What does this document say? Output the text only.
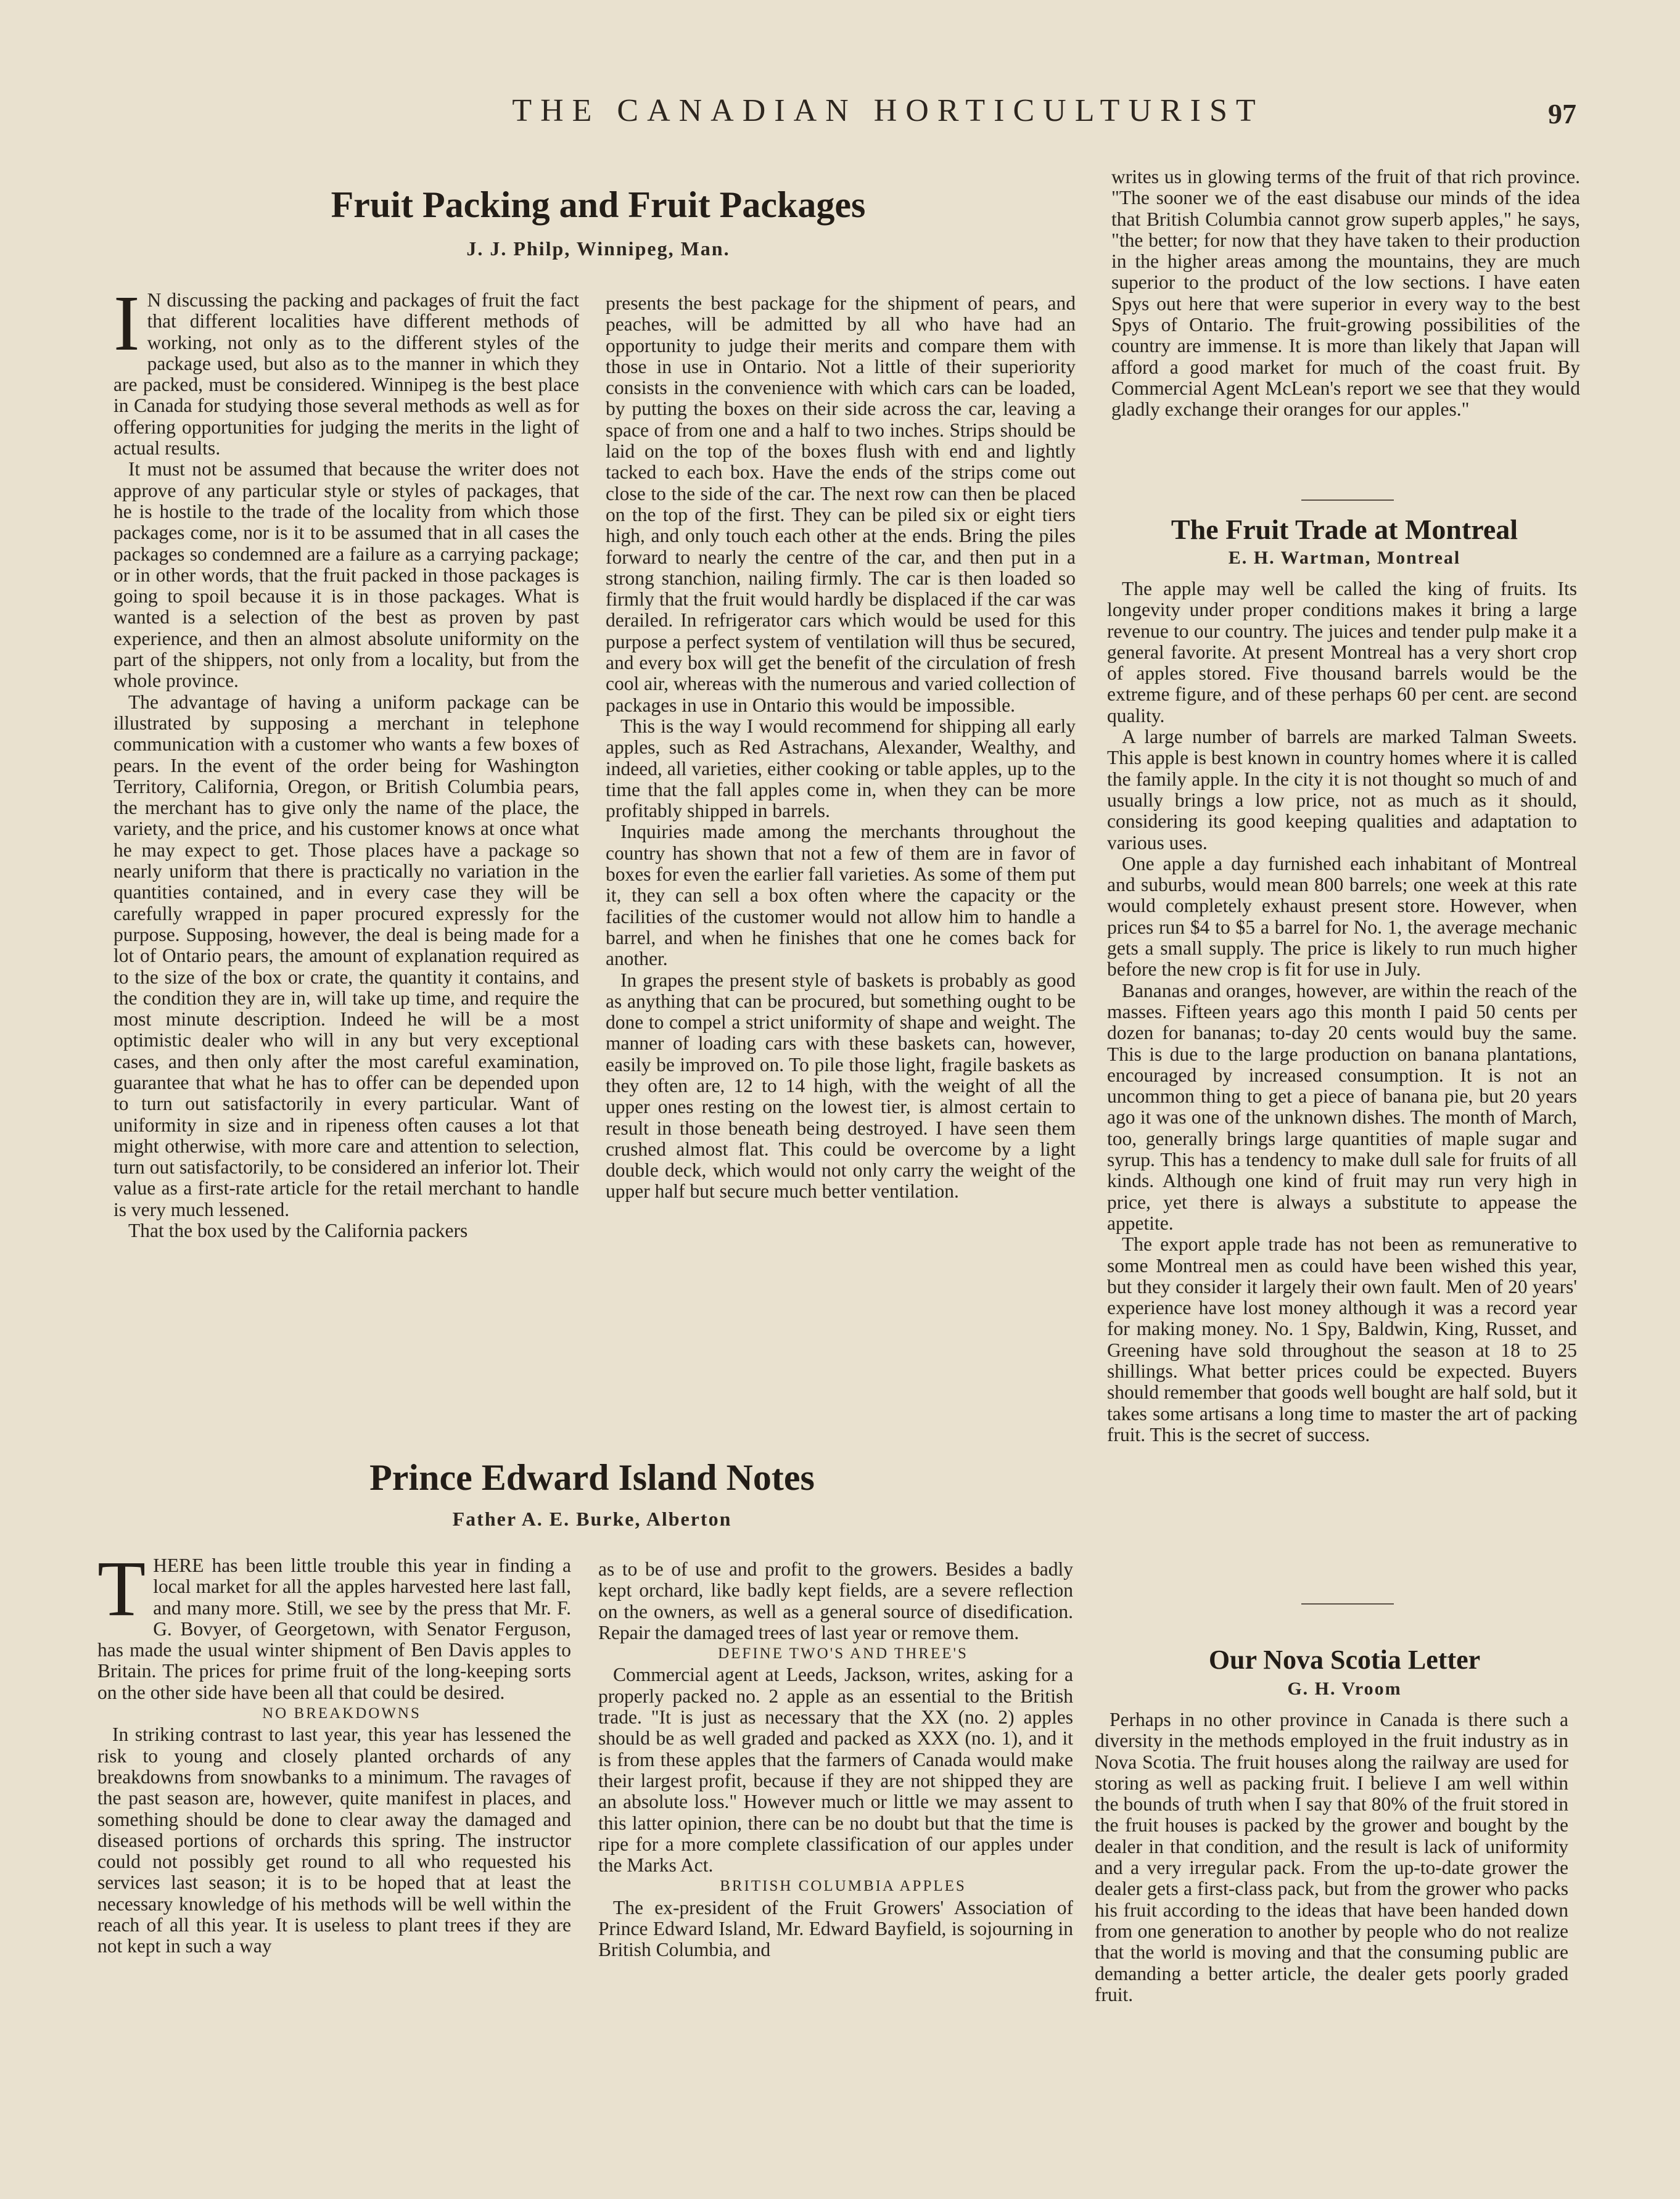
THE CANADIAN HORTICULTURIST	97
Fruit Packing and Fruit Packages
J. J. Philp, Winnipeg, Man.

I N discussing the packing and packages of fruit the fact that different localities have different methods of working, not only as to the different styles of the package used, but also as to the manner in which they are packed, must be considered. Winnipeg is the best place in Canada for studying those several methods as well as for offering opportunities for judging the merits in the light of actual results.

It must not be assumed that because the writer does not approve of any particular style or styles of packages, that he is hostile to the trade of the locality from which those packages come, nor is it to be assumed that in all cases the packages so condemned are a failure as a carrying package; or in other words, that the fruit packed in those packages is going to spoil because it is in those packages. What is wanted is a selection of the best as proven by past experience, and then an almost absolute uniformity on the part of the shippers, not only from a locality, but from the whole province.

The advantage of having a uniform package can be illustrated by supposing a merchant in telephone communication with a customer who wants a few boxes of pears. In the event of the order being for Washington Territory, California, Oregon, or British Columbia pears, the merchant has to give only the name of the place, the variety, and the price, and his customer knows at once what he may expect to get. Those places have a package so nearly uniform that there is practically no variation in the quantities contained, and in every case they will be carefully wrapped in paper procured expressly for the purpose. Supposing, however, the deal is being made for a lot of Ontario pears, the amount of explanation required as to the size of the box or crate, the quantity it contains, and the condition they are in, will take up time, and require the most minute description. Indeed he will be a most optimistic dealer who will in any but very exceptional cases, and then only after the most careful examination, guarantee that what he has to offer can be depended upon to turn out satisfactorily in every particular. Want of uniformity in size and in ripeness often causes a lot that might otherwise, with more care and attention to selection, turn out satisfactorily, to be considered an inferior lot. Their value as a first-rate article for the retail merchant to handle is very much lessened.

That the box used by the California packers

presents the best package for the shipment of pears, and peaches, will be admitted by all who have had an opportunity to judge their merits and compare them with those in use in Ontario. Not a little of their superiority consists in the convenience with which cars can be loaded, by putting the boxes on their side across the car, leaving a space of from one and a half to two inches. Strips should be laid on the top of the boxes flush with end and lightly tacked to each box. Have the ends of the strips come out close to the side of the car. The next row can then be placed on the top of the first. They can be piled six or eight tiers high, and only touch each other at the ends. Bring the piles forward to nearly the centre of the car, and then put in a strong stanchion, nailing firmly. The car is then loaded so firmly that the fruit would hardly be displaced if the car was derailed. In refrigerator cars which would be used for this purpose a perfect system of ventilation will thus be secured, and every box will get the benefit of the circulation of fresh cool air, whereas with the numerous and varied collection of packages in use in Ontario this would be impossible.

This is the way I would recommend for shipping all early apples, such as Red Astrachans, Alexander, Wealthy, and indeed, all varieties, either cooking or table apples, up to the time that the fall apples come in, when they can be more profitably shipped in barrels.

Inquiries made among the merchants throughout the country has shown that not a few of them are in favor of boxes for even the earlier fall varieties. As some of them put it, they can sell a box often where the capacity or the facilities of the customer would not allow him to handle a barrel, and when he finishes that one he comes back for another.

In grapes the present style of baskets is probably as good as anything that can be procured, but something ought to be done to compel a strict uniformity of shape and weight. The manner of loading cars with these baskets can, however, easily be improved on. To pile those light, fragile baskets as they often are, 12 to 14 high, with the weight of all the upper ones resting on the lowest tier, is almost certain to result in those beneath being destroyed. I have seen them crushed almost flat. This could be overcome by a light double deck, which would not only carry the weight of the upper half but secure much better ventilation.

writes us in glowing terms of the fruit of that rich province. "The sooner we of the east disabuse our minds of the idea that British Columbia cannot grow superb apples," he says, "the better; for now that they have taken to their production in the higher areas among the mountains, they are much superior to the product of the low sections. I have eaten Spys out here that were superior in every way to the best Spys of Ontario. The fruit-growing possibilities of the country are immense. It is more than likely that Japan will afford a good market for much of the coast fruit. By Commercial Agent McLean's report we see that they would gladly exchange their oranges for our apples."

The Fruit Trade at Montreal
E. H. Wartman, Montreal

The apple may well be called the king of fruits. Its longevity under proper conditions makes it bring a large revenue to our country. The juices and tender pulp make it a general favorite. At present Montreal has a very short crop of apples stored. Five thousand barrels would be the extreme figure, and of these perhaps 60 per cent. are second quality.

A large number of barrels are marked Talman Sweets. This apple is best known in country homes where it is called the family apple. In the city it is not thought so much of and usually brings a low price, not as much as it should, considering its good keeping qualities and adaptation to various uses.

One apple a day furnished each inhabitant of Montreal and suburbs, would mean 800 barrels; one week at this rate would completely exhaust present store. However, when prices run $4 to $5 a barrel for No. 1, the average mechanic gets a small supply. The price is likely to run much higher before the new crop is fit for use in July.

Bananas and oranges, however, are within the reach of the masses. Fifteen years ago this month I paid 50 cents per dozen for bananas; to-day 20 cents would buy the same. This is due to the large production on banana plantations, encouraged by increased consumption. It is not an uncommon thing to get a piece of banana pie, but 20 years ago it was one of the unknown dishes. The month of March, too, generally brings large quantities of maple sugar and syrup. This has a tendency to make dull sale for fruits of all kinds. Although one kind of fruit may run very high in price, yet there is always a substitute to appease the appetite.

The export apple trade has not been as remunerative to some Montreal men as could have been wished this year, but they consider it largely their own fault. Men of 20 years' experience have lost money although it was a record year for making money. No. 1 Spy, Baldwin, King, Russet, and Greening have sold throughout the season at 18 to 25 shillings. What better prices could be expected. Buyers should remember that goods well bought are half sold, but it takes some artisans a long time to master the art of packing fruit. This is the secret of success.

Prince Edward Island Notes
Father A. E. Burke, Alberton

THERE has been little trouble this year in finding a local market for all the apples harvested here last fall, and many more. Still, we see by the press that Mr. F. G. Bovyer, of Georgetown, with Senator Ferguson, has made the usual winter shipment of Ben Davis apples to Britain. The prices for prime fruit of the long-keeping sorts on the other side have been all that could be desired.

NO BREAKDOWNS

In striking contrast to last year, this year has lessened the risk to young and closely planted orchards of any breakdowns from snowbanks to a minimum. The ravages of the past season are, however, quite manifest in places, and something should be done to clear away the damaged and diseased portions of orchards this spring. The instructor could not possibly get round to all who requested his services last season; it is to be hoped that at least the necessary knowledge of his methods will be well within the reach of all this year. It is useless to plant trees if they are not kept in such a way

as to be of use and profit to the growers. Besides a badly kept orchard, like badly kept fields, are a severe reflection on the owners, as well as a general source of disedification. Repair the damaged trees of last year or remove them.

DEFINE TWO'S AND THREE'S

Commercial agent at Leeds, Jackson, writes, asking for a properly packed no. 2 apple as an essential to the British trade. "It is just as necessary that the XX (no. 2) apples should be as well graded and packed as XXX (no. 1), and it is from these apples that the farmers of Canada would make their largest profit, because if they are not shipped they are an absolute loss." However much or little we may assent to this latter opinion, there can be no doubt but that the time is ripe for a more complete classification of our apples under the Marks Act.

BRITISH COLUMBIA APPLES

The ex-president of the Fruit Growers' Association of Prince Edward Island, Mr. Edward Bayfield, is sojourning in British Columbia, and

Our Nova Scotia Letter
G. H. Vroom

Perhaps in no other province in Canada is there such a diversity in the methods employed in the fruit industry as in Nova Scotia. The fruit houses along the railway are used for storing as well as packing fruit. I believe I am well within the bounds of truth when I say that 80% of the fruit stored in the fruit houses is packed by the grower and bought by the dealer in that condition, and the result is lack of uniformity and a very irregular pack. From the up-to-date grower the dealer gets a first-class pack, but from the grower who packs his fruit according to the ideas that have been handed down from one generation to another by people who do not realize that the world is moving and that the consuming public are demanding a better article, the dealer gets poorly graded fruit.
